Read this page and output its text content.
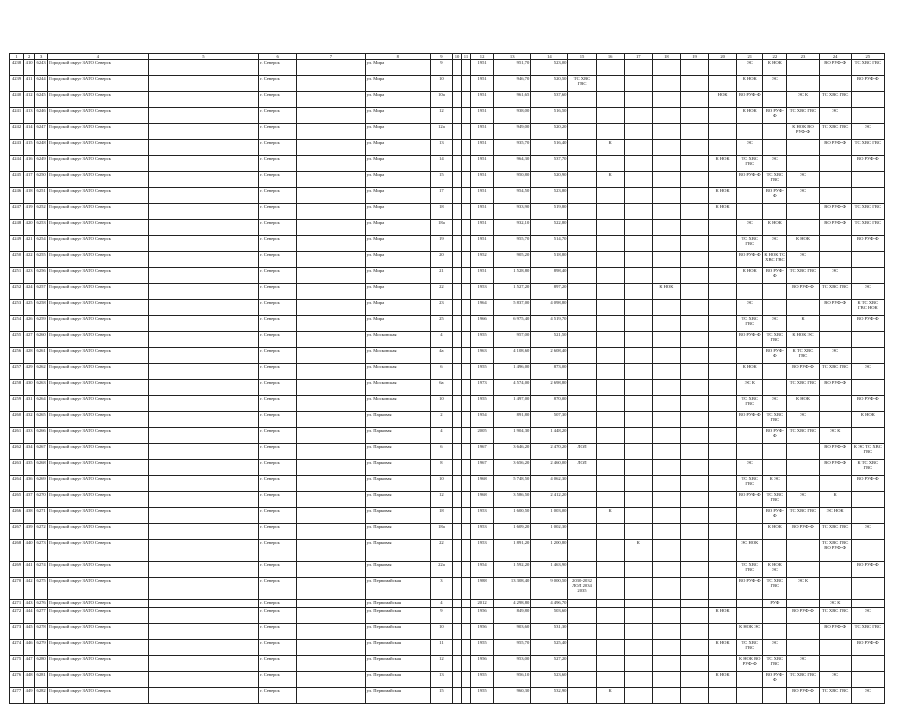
1	2	3	4	5	6	7	8	9	10	11	12	13	14	15	16	17	18	19	20	21	22	23	24	25
4238	410	6243	Городской округ ЗАТО Северск		г. Северск		ул. Мира	9			1951	951,70	523,00							ЭС	К НОК		ВО РУФ-Ф	ТС ХВС ГВС
4239	411	6244	Городской округ ЗАТО Северск		г. Северск		ул. Мира	10			1951	946,70	520,50	ТС ХВС ГВС						К НОК	ЭС			ВО РУФ-Ф
4240	412	6245	Городской округ ЗАТО Северск		г. Северск		ул. Мира	10а			1951	961,65	537,60						НОК	ВО РУФ-Ф		ЭС К	ТС ХВС ГВС	
4241	413	6246	Городской округ ЗАТО Северск		г. Северск		ул. Мира	12			1951	938,00	516,50							К НОК	ВО РУФ-Ф	ТС ХВС ГВС	ЭС	
4242	414	6247	Городской округ ЗАТО Северск		г. Северск		ул. Мира	12а			1951	949,00	520,20									К НОК ВО РУФ-Ф	ТС ХВС ГВС	ЭС
4243	415	6248	Городской округ ЗАТО Северск		г. Северск		ул. Мира	13			1951	935,70	516,40		К					ЭС			ВО РУФ-Ф	ТС ХВС ГВС
4244	416	6249	Городской округ ЗАТО Северск		г. Северск		ул. Мира	14			1951	964,30	537,70						К НОК	ТС ХВС ГВС	ЭС			ВО РУФ-Ф
4245	417	6250	Городской округ ЗАТО Северск		г. Северск		ул. Мира	15			1951	950,80	520,90		К					ВО РУФ-Ф	ТС ХВС ГВС	ЭС		
4246	418	6251	Городской округ ЗАТО Северск		г. Северск		ул. Мира	17			1951	954,50	523,80						К НОК		ВО РУФ-Ф	ЭС		
4247	419	6252	Городской округ ЗАТО Северск		г. Северск		ул. Мира	18			1951	933,90	519,80						К НОК				ВО РУФ-Ф	ТС ХВС ГВС
4248	420	6253	Городской округ ЗАТО Северск		г. Северск		ул. Мира	18а			1951	932,10	522,80							ЭС	К НОК		ВО РУФ-Ф	ТС ХВС ГВС
4249	421	6254	Городской округ ЗАТО Северск		г. Северск		ул. Мира	19			1951	955,70	514,70							ТС ХВС ГВС	ЭС	К НОК		ВО РУФ-Ф
4250	422	6255	Городской округ ЗАТО Северск		г. Северск		ул. Мира	20			1952	905,20	518,80							ВО РУФ-Ф	К НОК ТС ХВС ГВС	ЭС		
4251	423	6256	Городской округ ЗАТО Северск		г. Северск		ул. Мира	21			1951	1 528,80	898,40							К НОК	ВО РУФ-Ф	ТС ХВС ГВС	ЭС	
4252	424	6257	Городской округ ЗАТО Северск		г. Северск		ул. Мира	22			1953	1 527,20	897,20				К НОК					ВО РУФ-Ф	ТС ХВС ГВС	ЭС
4253	425	6258	Городской округ ЗАТО Северск		г. Северск		ул. Мира	23			1964	5 837,00	4 098,80							ЭС			ВО РУФ-Ф	К ТС ХВС ГВС НОК
4254	426	6259	Городской округ ЗАТО Северск		г. Северск		ул. Мира	25			1966	6 975,40	4 519,70							ТС ХВС ГВС	ЭС	К		ВО РУФ-Ф
4255	427	6260	Городской округ ЗАТО Северск		г. Северск		ул. Московская	4			1955	957,00	521,50							ВО РУФ-Ф	ТС ХВС ГВС	К НОК ЭС		
4256	428	6261	Городской округ ЗАТО Северск		г. Северск		ул. Московская	4а			1963	4 108,60	2 608,40								ВО РУФ-Ф	К ТС ХВС ГВС	ЭС	
4257	429	6262	Городской округ ЗАТО Северск		г. Северск		ул. Московская	6			1955	1 496,00	873,00							К НОК		ВО РУФ-Ф	ТС ХВС ГВС	ЭС
4258	430	6263	Городской округ ЗАТО Северск		г. Северск		ул. Московская	6а			1973	4 574,00	2 698,80							ЭС К		ТС ХВС ГВС	ВО РУФ-Ф	
4259	431	6264	Городской округ ЗАТО Северск		г. Северск		ул. Московская	10			1955	1 497,00	870,00							ТС ХВС ГВС	ЭС	К НОК		ВО РУФ-Ф
4260	432	6265	Городской округ ЗАТО Северск		г. Северск		ул. Парковая	2			1954	891,80	507,30							ВО РУФ-Ф	ТС ХВС ГВС	ЭС		К НОК
4261	433	6266	Городской округ ЗАТО Северск		г. Северск		ул. Парковая	4			2005	1 904,30	1 448,20								ВО РУФ-Ф	ТС ХВС ГВС	ЭС К	
4262	434	6267	Городской округ ЗАТО Северск		г. Северск		ул. Парковая	6			1967	3 646,20	2 470,20	ЛОЛ									ВО РУФ-Ф	К ЭС ТС ХВС ГВС
4263	435	6268	Городской округ ЗАТО Северск		г. Северск		ул. Парковая	8			1967	3 656,20	2 460,00	ЛОЛ						ЭС			ВО РУФ-Ф	К ТС ХВС ГВС
4264	436	6269	Городской округ ЗАТО Северск		г. Северск		ул. Парковая	10			1968	5 748,50	4 062,30							ТС ХВС ГВС	К ЭС			ВО РУФ-Ф
4265	437	6270	Городской округ ЗАТО Северск		г. Северск		ул. Парковая	12			1968	3 586,50	2 412,20							ВО РУФ-Ф	ТС ХВС ГВС	ЭС	К	
4266	438	6271	Городской округ ЗАТО Северск		г. Северск		ул. Парковая	18			1953	1 600,50	1 003,00		К						ВО РУФ-Ф	ТС ХВС ГВС	ЭС НОК	
4267	439	6272	Городской округ ЗАТО Северск		г. Северск		ул. Парковая	18а			1953	1 609,20	1 002,30								К НОК	ВО РУФ-Ф	ТС ХВС ГВС	ЭС
4268	440	6273	Городской округ ЗАТО Северск		г. Северск		ул. Парковая	22			1953	1 891,20	1 200,80			К				ЭС НОК			ТС ХВС ГВС ВО РУФ-Ф	
4269	441	6274	Городской округ ЗАТО Северск		г. Северск		ул. Парковая	22а			1954	1 592,20	1 463,90							ТС ХВС ГВС	К НОК ЭС			ВО РУФ-Ф
4270	442	6275	Городской округ ЗАТО Северск		г. Северск		ул. Первомайская	3			1988	13 308,40	9 000,50	2030-2032 ЛОЛ 2034 2035						ВО РУФ-Ф	ТС ХВС ГВС	ЭС К		
4271	443	6276	Городской округ ЗАТО Северск		г. Северск		ул. Первомайская	4			2012	4 298,80	4 496,70								РУФ		ЭС К	
4272	444	6277	Городской округ ЗАТО Северск		г. Северск		ул. Первомайская	9			1956	849,80	503,60						К НОК			ВО РУФ-Ф	ТС ХВС ГВС	ЭС
4273	445	6278	Городской округ ЗАТО Северск		г. Северск		ул. Первомайская	10			1956	903,60	531,30							К НОК ЭС			ВО РУФ-Ф	ТС ХВС ГВС
4274	446	6279	Городской округ ЗАТО Северск		г. Северск		ул. Первомайская	11			1955	955,70	525,40						К НОК	ТС ХВС ГВС	ЭС			ВО РУФ-Ф
4275	447	6280	Городской округ ЗАТО Северск		г. Северск		ул. Первомайская	12			1956	953,00	527,20							К НОК ВО РУФ-Ф	ТС ХВС ГВС	ЭС		
4276	448	6281	Городской округ ЗАТО Северск		г. Северск		ул. Первомайская	13			1955	956,10	523,60						К НОК		ВО РУФ-Ф	ТС ХВС ГВС	ЭС	
4277	449	6282	Городской округ ЗАТО Северск		г. Северск		ул. Первомайская	15			1955	960,30	532,90		К							ВО РУФ-Ф	ТС ХВС ГВС	ЭС
